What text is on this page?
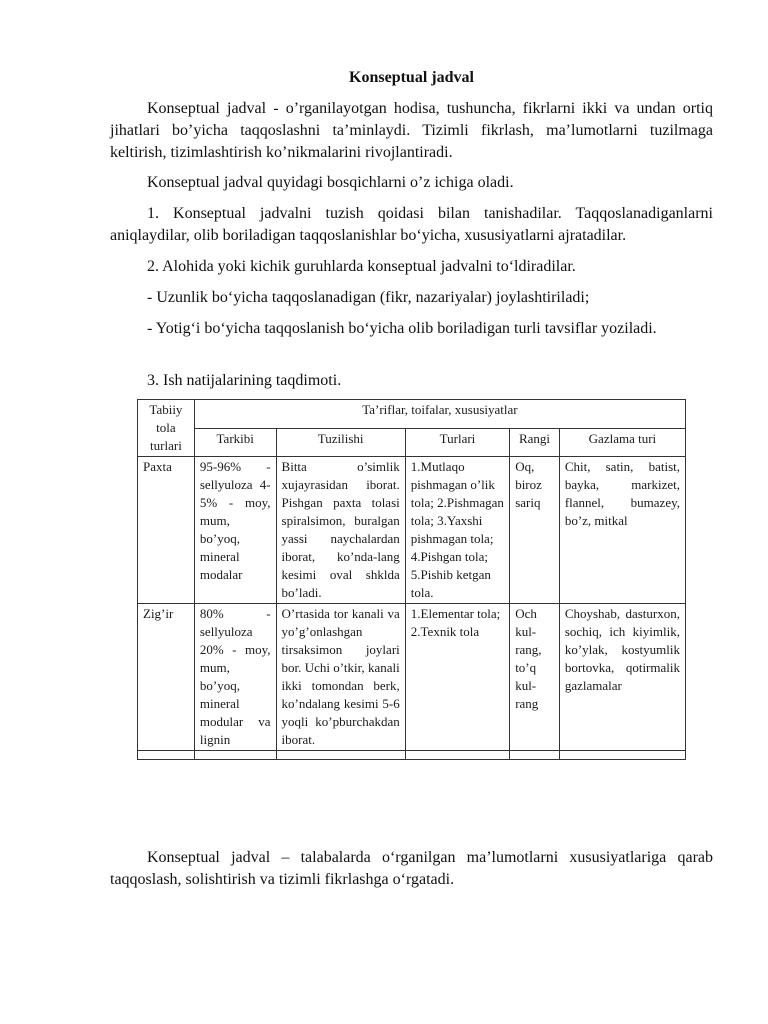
Konseptual jadval

Konseptual jadval - o’rganilayotgan hodisa, tushuncha, fikrlarni ikki va undan ortiq jihatlari bo’yicha taqqoslashni ta’minlaydi. Tizimli fikrlash, ma’lumotlarni tuzilmaga keltirish, tizimlashtirish ko’nikmalarini rivojlantiradi.

Konseptual jadval quyidagi bosqichlarni o’z ichiga oladi.

1. Konseptual jadvalni tuzish qoidasi bilan tanishadilar. Taqqoslanadiganlarni aniqlaydilar, olib boriladigan taqqoslanishlar bo‘yicha, xususiyatlarni ajratadilar.

2. Alohida yoki kichik guruhlarda konseptual jadvalni to‘ldiradilar.

- Uzunlik bo‘yicha taqqoslanadigan (fikr, nazariyalar) joylashtiriladi;

- Yotig‘i bo‘yicha taqqoslanish bo‘yicha olib boriladigan turli tavsiflar yoziladi.

3. Ish natijalarining taqdimoti.

Tabiiy tola turlari	Ta’riflar, toifalar, xususiyatlar				
	Tarkibi	Tuzilishi	Turlari	Rangi	Gazlama turi
Paxta	95-96% - sellyuloza 4-5% - moy, mum, bo’yoq, mineral modalar	Bitta o’simlik xujayrasidan iborat. Pishgan paxta tolasi spiralsimon, buralgan yassi naychalardan iborat, ko’nda-lang kesimi oval shklda bo’ladi.	1.Mutlaqo pishmagan o’lik tola; 2.Pishmagan tola; 3.Yaxshi pishmagan tola; 4.Pishgan tola; 5.Pishib ketgan tola.	Oq, biroz sariq	Chit, satin, batist, bayka, markizet, flannel, bumazey, bo’z, mitkal
Zig’ir	80% - sellyuloza 20% - moy, mum, bo’yoq, mineral modular va lignin	O’rtasida tor kanali va yo’g’onlashgan tirsaksimon joylari bor. Uchi o’tkir, kanali ikki tomondan berk, ko’ndalang kesimi 5-6 yoqli ko’pburchakdan iborat.	1.Elementar tola; 2.Texnik tola	Och kul-rang, to’q kul-rang	Choyshab, dasturxon, sochiq, ich kiyimlik, ko’ylak, kostyumlik bortovka, qotirmalik gazlamalar

Konseptual jadval – talabalarda o‘rganilgan ma’lumotlarni xususiyatlariga qarab taqqoslash, solishtirish va tizimli fikrlashga o‘rgatadi.
